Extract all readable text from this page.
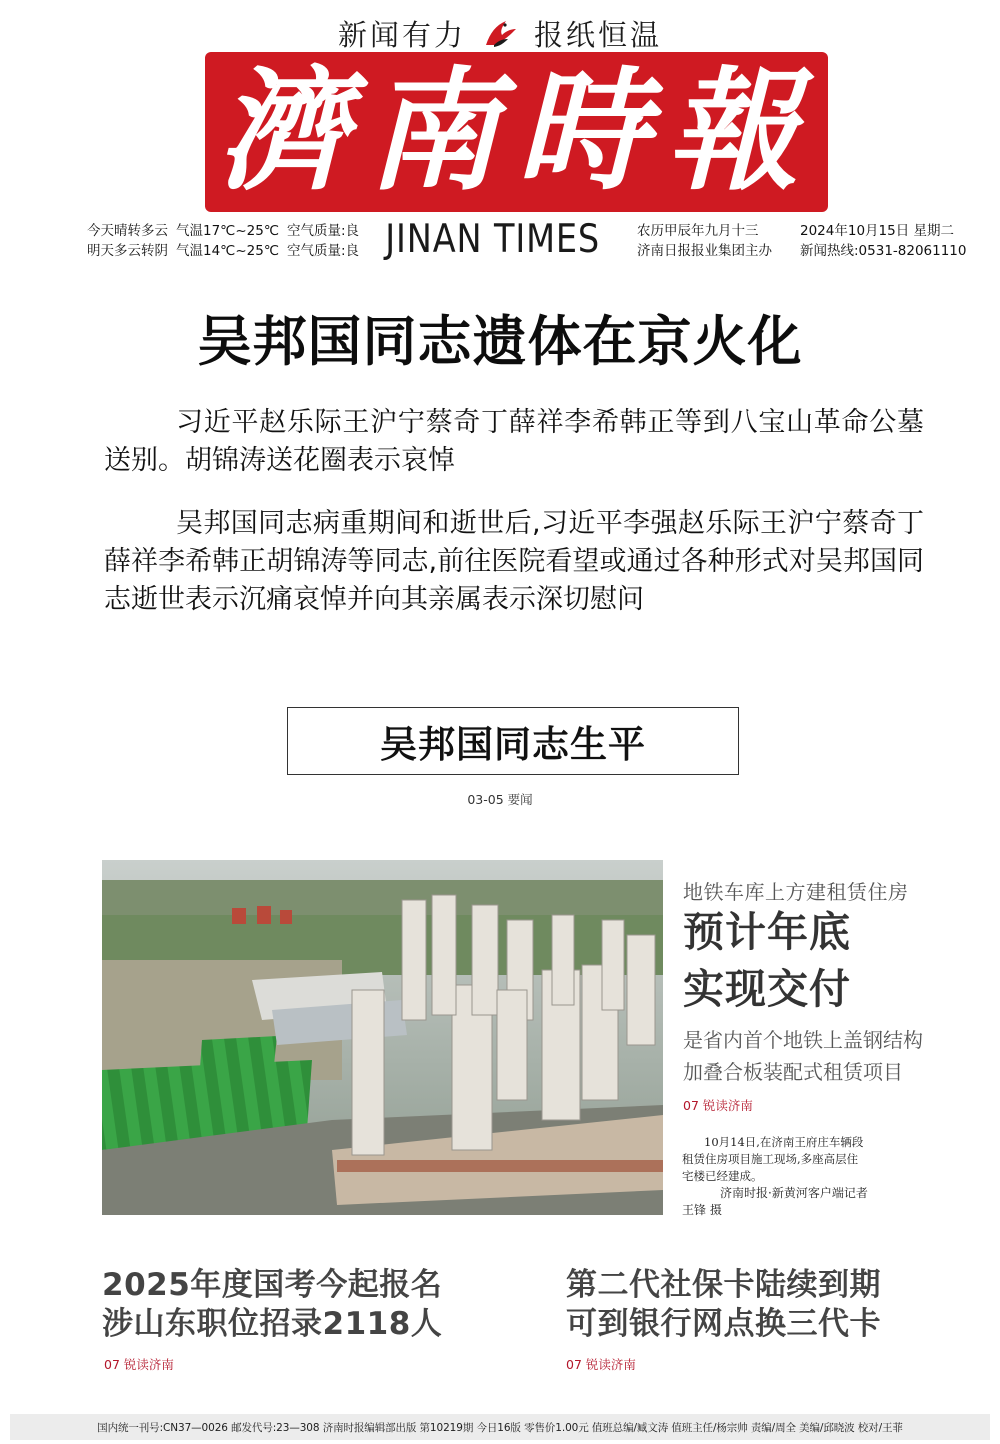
新闻有力 报纸恒温
濟南時報
今天晴转多云 气温17℃~25℃ 空气质量:良
明天多云转阴 气温14℃~25℃ 空气质量:良 JINAN TIMES	农历甲辰年九月十三	2024年10月15日 星期二
济南日报报业集团主办	新闻热线:0531-82061110
吴邦国同志遗体在京火化

习近平赵乐际王沪宁蔡奇丁薛祥李希韩正等到八宝山革命公墓送别。胡锦涛送花圈表示哀悼

吴邦国同志病重期间和逝世后,习近平李强赵乐际王沪宁蔡奇丁薛祥李希韩正胡锦涛等同志,前往医院看望或通过各种形式对吴邦国同志逝世表示沉痛哀悼并向其亲属表示深切慰问

吴邦国同志生平
03-05 要闻
地铁车库上方建租赁住房
预计年底
实现交付
是省内首个地铁上盖钢结构
加叠合板装配式租赁项目
07 锐读济南
10月14日,在济南王府庄车辆段
租赁住房项目施工现场,多座高层住
宅楼已经建成。
济南时报·新黄河客户端记者
王锋 摄
2025年度国考今起报名
涉山东职位招录2118人
07 锐读济南
第二代社保卡陆续到期
可到银行网点换三代卡
07 锐读济南
国内统一刊号:CN37—0026 邮发代号:23—308 济南时报编辑部出版 第10219期 今日16版 零售价1.00元 值班总编/臧文涛 值班主任/杨宗帅 责编/周全 美编/邱晓波 校对/王菲
